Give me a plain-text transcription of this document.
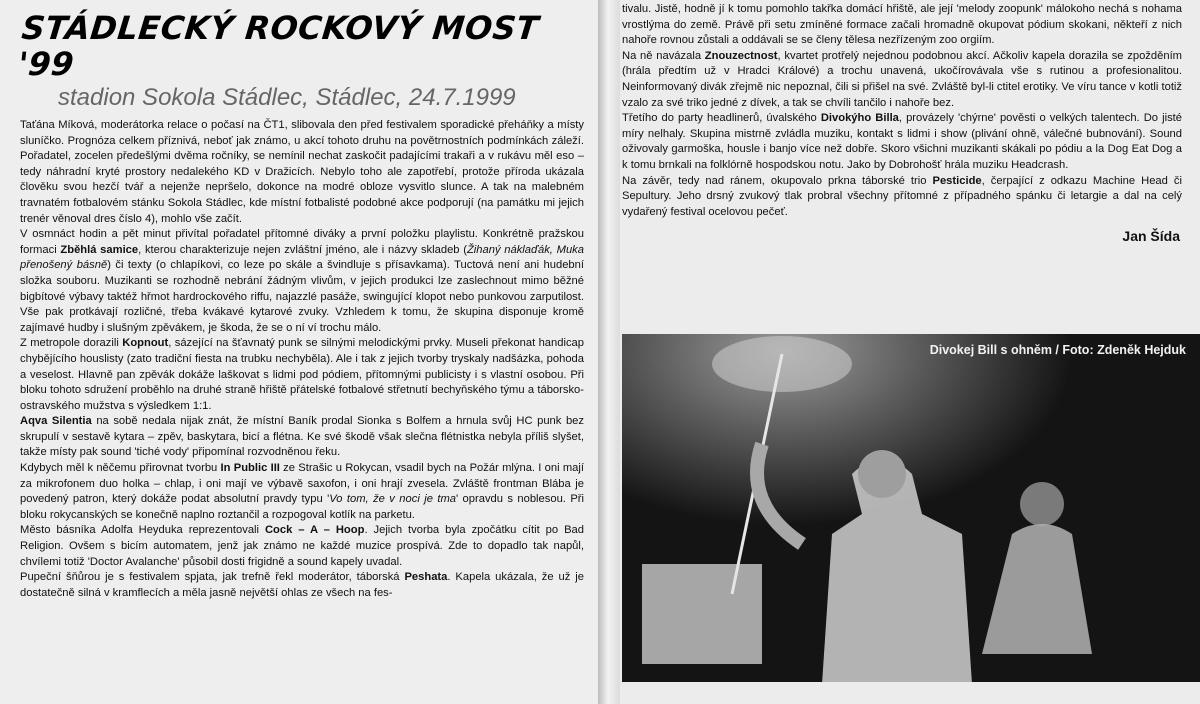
STÁDLECKÝ ROCKOVÝ MOST '99
stadion Sokola Stádlec, Stádlec, 24.7.1999

Taťána Míková, moderátorka relace o počasí na ČT1, slibovala den před festivalem sporadické přeháňky a místy sluníčko. Prognóza celkem příznivá, neboť jak známo, u akcí tohoto druhu na povětrnostních podmínkách záleží. Pořadatel, zocelen předešlými dvěma ročníky, se nemínil nechat zaskočit padajícími trakaři a v rukávu měl eso – tedy náhradní kryté prostory nedalekého KD v Dražicích. Nebylo toho ale zapotřebí, protože příroda ukázala člověku svou hezčí tvář a nejenže nepršelo, dokonce na modré obloze vysvitlo slunce. A tak na malebném travnatém fotbalovém stánku Sokola Stádlec, kde místní fotbalisté podobné akce podporují (na památku mi jejich trenér věnoval dres číslo 4), mohlo vše začít.

V osmnáct hodin a pět minut přivítal pořadatel přítomné diváky a první položku playlistu. Konkrétně pražskou formaci Zběhlá samice, kterou charakterizuje nejen zvláštní jméno, ale i názvy skladeb (Žihaný náklaďák, Muka přenošený básně) či texty (o chlapíkovi, co leze po skále a švindluje s přísavkama). Tuctová není ani hudební složka souboru. Muzikanti se rozhodně nebrání žádným vlivům, v jejich produkci lze zaslechnout mimo běžné bigbítové výbavy taktéž hřmot hardrockového riffu, najazzlé pasáže, swingující klopot nebo punkovou zarputilost. Vše pak protkávají rozličné, třeba kvákavé kytarové zvuky. Vzhledem k tomu, že skupina disponuje kromě zajímavé hudby i slušným zpěvákem, je škoda, že se o ní ví trochu málo.

Z metropole dorazili Kopnout, sázející na šťavnatý punk se silnými melodickými prvky. Museli překonat handicap chybějícího houslisty (zato tradiční fiesta na trubku nechyběla). Ale i tak z jejich tvorby tryskaly nadšázka, pohoda a veselost. Hlavně pan zpěvák dokáže laškovat s lidmi pod pódiem, přítomnými publicisty i s vlastní osobou. Při bloku tohoto sdružení proběhlo na druhé straně hřiště přátelské fotbalové střetnutí bechyňského týmu a táborsko-ostravského mužstva s výsledkem 1:1.

Aqva Silentia na sobě nedala nijak znát, že místní Baník prodal Sionka s Bolfem a hrnula svůj HC punk bez skrupulí v sestavě kytara – zpěv, baskytara, bicí a flétna. Ke své škodě však slečna flétnistka nebyla příliš slyšet, takže místy pak sound 'tiché vody' připomínal rozvodněnou řeku.

Kdybych měl k něčemu přirovnat tvorbu In Public III ze Strašic u Rokycan, vsadil bych na Požár mlýna. I oni mají za mikrofonem duo holka – chlap, i oni mají ve výbavě saxofon, i oni hrají zvesela. Zvláště frontman Blába je povedený patron, který dokáže podat absolutní pravdy typu 'Vo tom, že v noci je tma' opravdu s noblesou. Při bloku rokycanských se konečně naplno roztančil a rozpogoval kotlík na parketu.

Město básníka Adolfa Heyduka reprezentovali Cock – A – Hoop. Jejich tvorba byla zpočátku cítit po Bad Religion. Ovšem s bicím automatem, jenž jak známo ne každé muzice prospívá. Zde to dopadlo tak napůl, chvílemi totiž 'Doctor Avalanche' působil dosti frigidně a sound kapely uvadal.

Pupeční šňůrou je s festivalem spjata, jak trefně řekl moderátor, táborská Peshata. Kapela ukázala, že už je dostatečně silná v kramflecích a měla jasně největší ohlas ze všech na fes-

tivalu. Jistě, hodně jí k tomu pomohlo takřka domácí hřiště, ale její 'melody zoopunk' málokoho nechá s nohama vrostlýma do země. Právě při setu zmíněné formace začali hromadně okupovat pódium skokani, někteří z nich nahoře rovnou zůstali a oddávali se se členy tělesa nezřízeným zoo orgiím.

Na ně navázala Znouzectnost, kvartet protřelý nejednou podobnou akcí. Ačkoliv kapela dorazila se zpožděním (hrála předtím už v Hradci Králové) a trochu unavená, ukočírovávala vše s rutinou a profesionalitou. Neinformovaný divák zřejmě nic nepoznal, čili si přišel na své. Zvláště byl-li ctitel erotiky. Ve víru tance v kotli totiž vzalo za své triko jedné z dívek, a tak se chvíli tančilo i nahoře bez.

Třetího do party headlinerů, úvalského Divokýho Billa, provázely 'chýrne' pověsti o velkých talentech. Do jisté míry nelhaly. Skupina mistrně zvládla muziku, kontakt s lidmi i show (plivání ohně, válečné bubnování). Sound oživovaly garmoška, housle i banjo více než dobře. Skoro všichni muzikanti skákali po pódiu a la Dog Eat Dog a k tomu brnkali na folklórně hospodskou notu. Jako by Dobrohošť hrála muziku Headcrash.

Na závěr, tedy nad ránem, okupovalo prkna táborské trio Pesticide, čerpající z odkazu Machine Head či Sepultury. Jeho drsný zvukový tlak probral všechny přítomné z případného spánku či letargie a dal na celý vydařený festival ocelovou pečeť.

Jan Šída
Divokej Bill s ohněm / Foto: Zdeněk Hejduk
